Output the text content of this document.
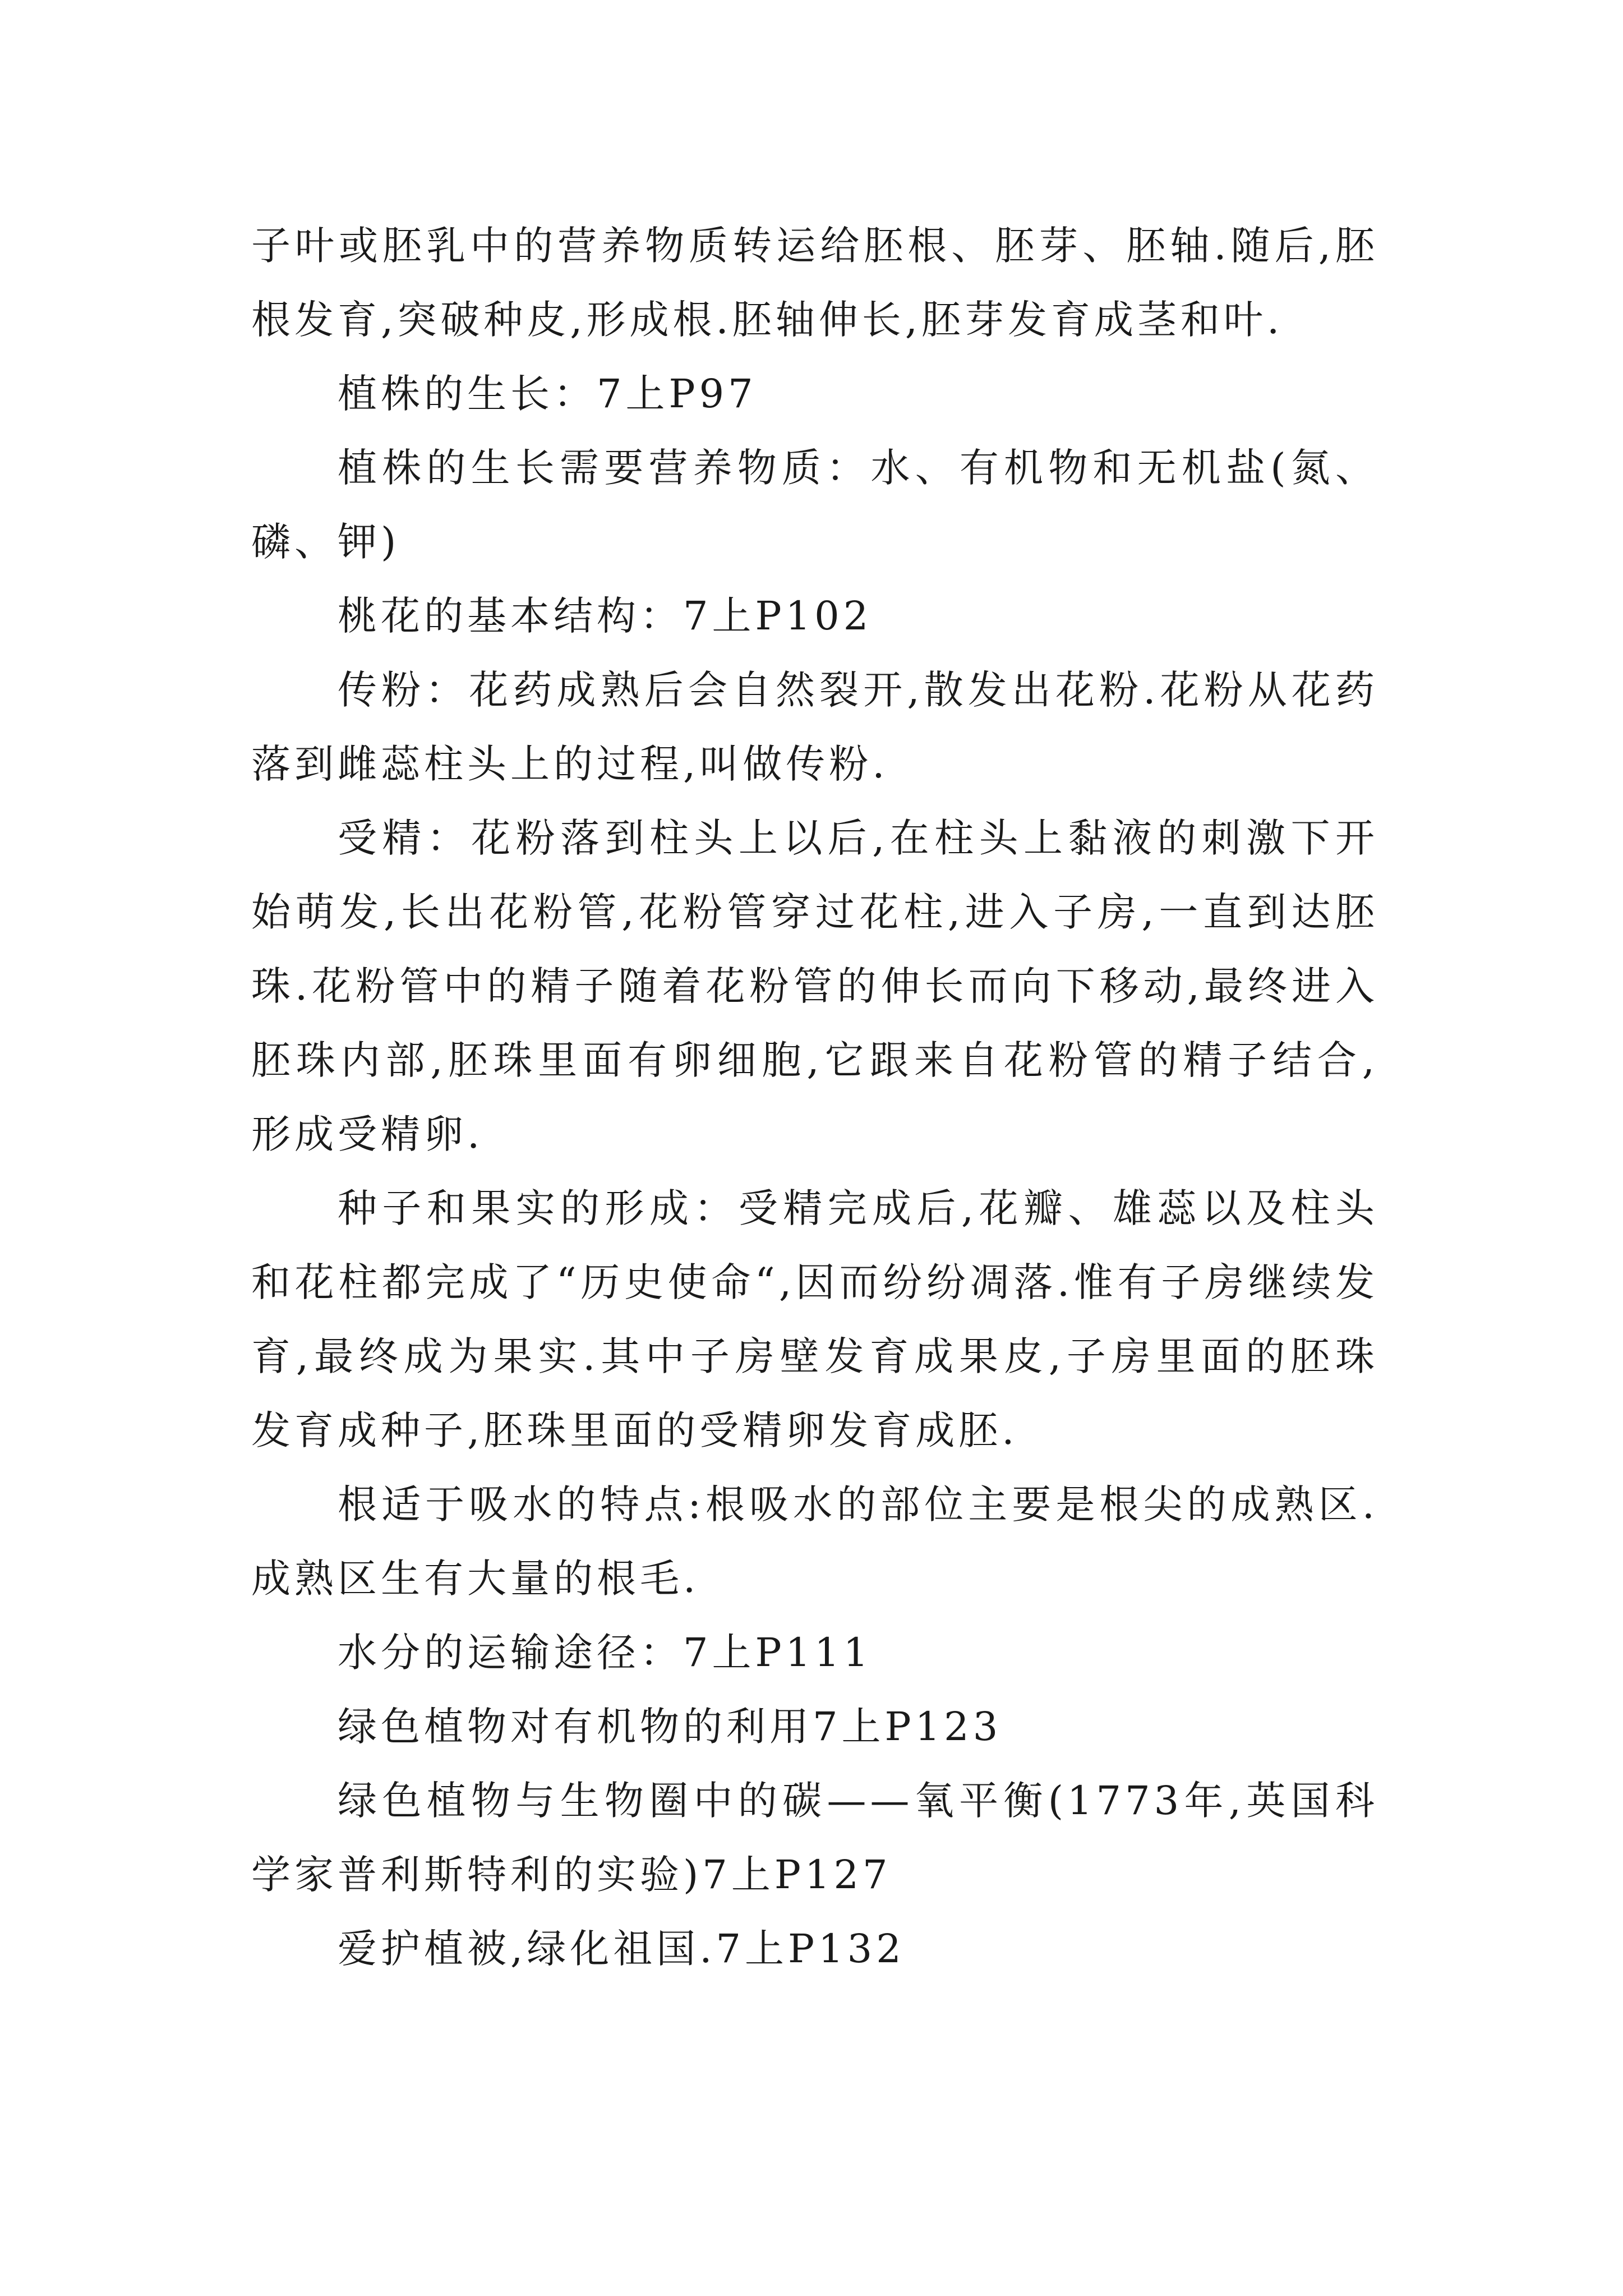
子叶或胚乳中的营养物质转运给胚根、胚芽、胚轴.随后,胚根发育,突破种皮,形成根.胚轴伸长,胚芽发育成茎和叶.

植株的生长：7上P97

植株的生长需要营养物质：水、有机物和无机盐(氮、磷、钾)

桃花的基本结构：7上P102

传粉：花药成熟后会自然裂开,散发出花粉.花粉从花药落到雌蕊柱头上的过程,叫做传粉.

受精：花粉落到柱头上以后,在柱头上黏液的刺激下开始萌发,长出花粉管,花粉管穿过花柱,进入子房,一直到达胚珠.花粉管中的精子随着花粉管的伸长而向下移动,最终进入胚珠内部,胚珠里面有卵细胞,它跟来自花粉管的精子结合,形成受精卵.

种子和果实的形成：受精完成后,花瓣、雄蕊以及柱头和花柱都完成了“历史使命“,因而纷纷凋落.惟有子房继续发育,最终成为果实.其中子房壁发育成果皮,子房里面的胚珠发育成种子,胚珠里面的受精卵发育成胚.

根适于吸水的特点:根吸水的部位主要是根尖的成熟区.成熟区生有大量的根毛.

水分的运输途径：7上P111

绿色植物对有机物的利用7上P123

绿色植物与生物圈中的碳——氧平衡(1773年,英国科学家普利斯特利的实验)7上P127

爱护植被,绿化祖国.7上P132
